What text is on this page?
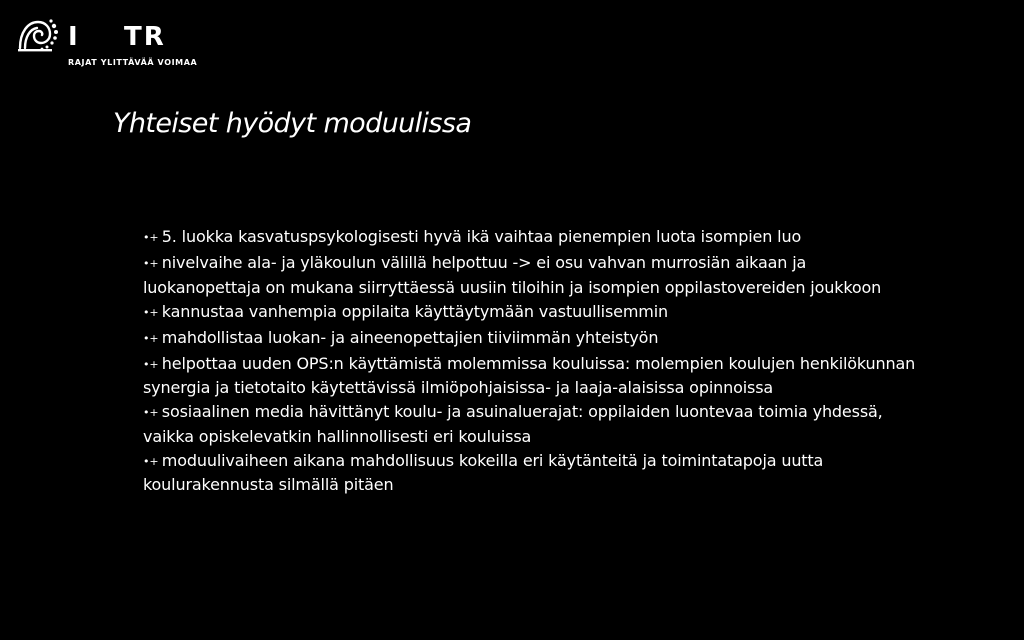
I	TR
RAJAT YLITTÄVÄÄ VOIMAA
Yhteiset hyödyt moduulissa
•+ 5. luokka kasvatuspsykologisesti hyvä ikä vaihtaa pienempien luota isompien luo
•+ nivelvaihe ala- ja yläkoulun välillä helpottuu -> ei osu vahvan murrosiän aikaan ja luokanopettaja on mukana siirryttäessä uusiin tiloihin ja isompien oppilastovereiden joukkoon
•+ kannustaa vanhempia oppilaita käyttäytymään vastuullisemmin
•+ mahdollistaa luokan- ja aineenopettajien tiiviimmän yhteistyön
•+ helpottaa uuden OPS:n käyttämistä molemmissa kouluissa: molempien koulujen henkilökunnan synergia ja tietotaito käytettävissä ilmiöpohjaisissa- ja laaja-alaisissa opinnoissa
•+ sosiaalinen media hävittänyt koulu- ja asuinaluerajat: oppilaiden luontevaa toimia yhdessä, vaikka opiskelevatkin hallinnollisesti eri kouluissa
•+ moduulivaiheen aikana mahdollisuus kokeilla eri käytänteitä ja toimintatapoja uutta koulurakennusta silmällä pitäen
